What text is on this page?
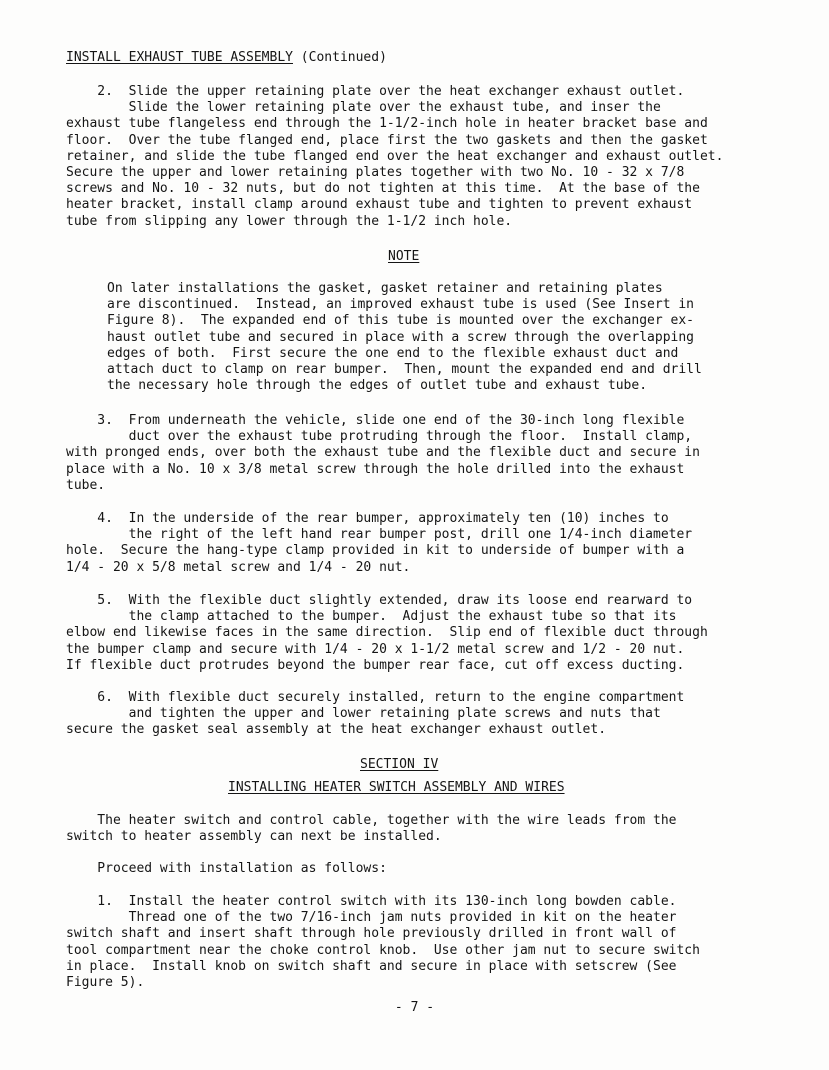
INSTALL EXHAUST TUBE ASSEMBLY (Continued)

2.  Slide the upper retaining plate over the heat exchanger exhaust outlet.
Slide the lower retaining plate over the exhaust tube, and inser the
exhaust tube flangeless end through the 1-1/2-inch hole in heater bracket base and
floor.  Over the tube flanged end, place first the two gaskets and then the gasket
retainer, and slide the tube flanged end over the heat exchanger and exhaust outlet.
Secure the upper and lower retaining plates together with two No. 10 - 32 x 7/8
screws and No. 10 - 32 nuts, but do not tighten at this time.  At the base of the
heater bracket, install clamp around exhaust tube and tighten to prevent exhaust
tube from slipping any lower through the 1-1/2 inch hole.

NOTE

On later installations the gasket, gasket retainer and retaining plates
are discontinued.  Instead, an improved exhaust tube is used (See Insert in
Figure 8).  The expanded end of this tube is mounted over the exchanger ex-
haust outlet tube and secured in place with a screw through the overlapping
edges of both.  First secure the one end to the flexible exhaust duct and
attach duct to clamp on rear bumper.  Then, mount the expanded end and drill
the necessary hole through the edges of outlet tube and exhaust tube.

3.  From underneath the vehicle, slide one end of the 30-inch long flexible
duct over the exhaust tube protruding through the floor.  Install clamp,
with pronged ends, over both the exhaust tube and the flexible duct and secure in
place with a No. 10 x 3/8 metal screw through the hole drilled into the exhaust
tube.

4.  In the underside of the rear bumper, approximately ten (10) inches to
the right of the left hand rear bumper post, drill one 1/4-inch diameter
hole.  Secure the hang-type clamp provided in kit to underside of bumper with a
1/4 - 20 x 5/8 metal screw and 1/4 - 20 nut.

5.  With the flexible duct slightly extended, draw its loose end rearward to
the clamp attached to the bumper.  Adjust the exhaust tube so that its
elbow end likewise faces in the same direction.  Slip end of flexible duct through
the bumper clamp and secure with 1/4 - 20 x 1-1/2 metal screw and 1/2 - 20 nut.
If flexible duct protrudes beyond the bumper rear face, cut off excess ducting.

6.  With flexible duct securely installed, return to the engine compartment
and tighten the upper and lower retaining plate screws and nuts that
secure the gasket seal assembly at the heat exchanger exhaust outlet.

SECTION IV

INSTALLING HEATER SWITCH ASSEMBLY AND WIRES

The heater switch and control cable, together with the wire leads from the
switch to heater assembly can next be installed.

Proceed with installation as follows:

1.  Install the heater control switch with its 130-inch long bowden cable.
Thread one of the two 7/16-inch jam nuts provided in kit on the heater
switch shaft and insert shaft through hole previously drilled in front wall of
tool compartment near the choke control knob.  Use other jam nut to secure switch
in place.  Install knob on switch shaft and secure in place with setscrew (See
Figure 5).

- 7 -
